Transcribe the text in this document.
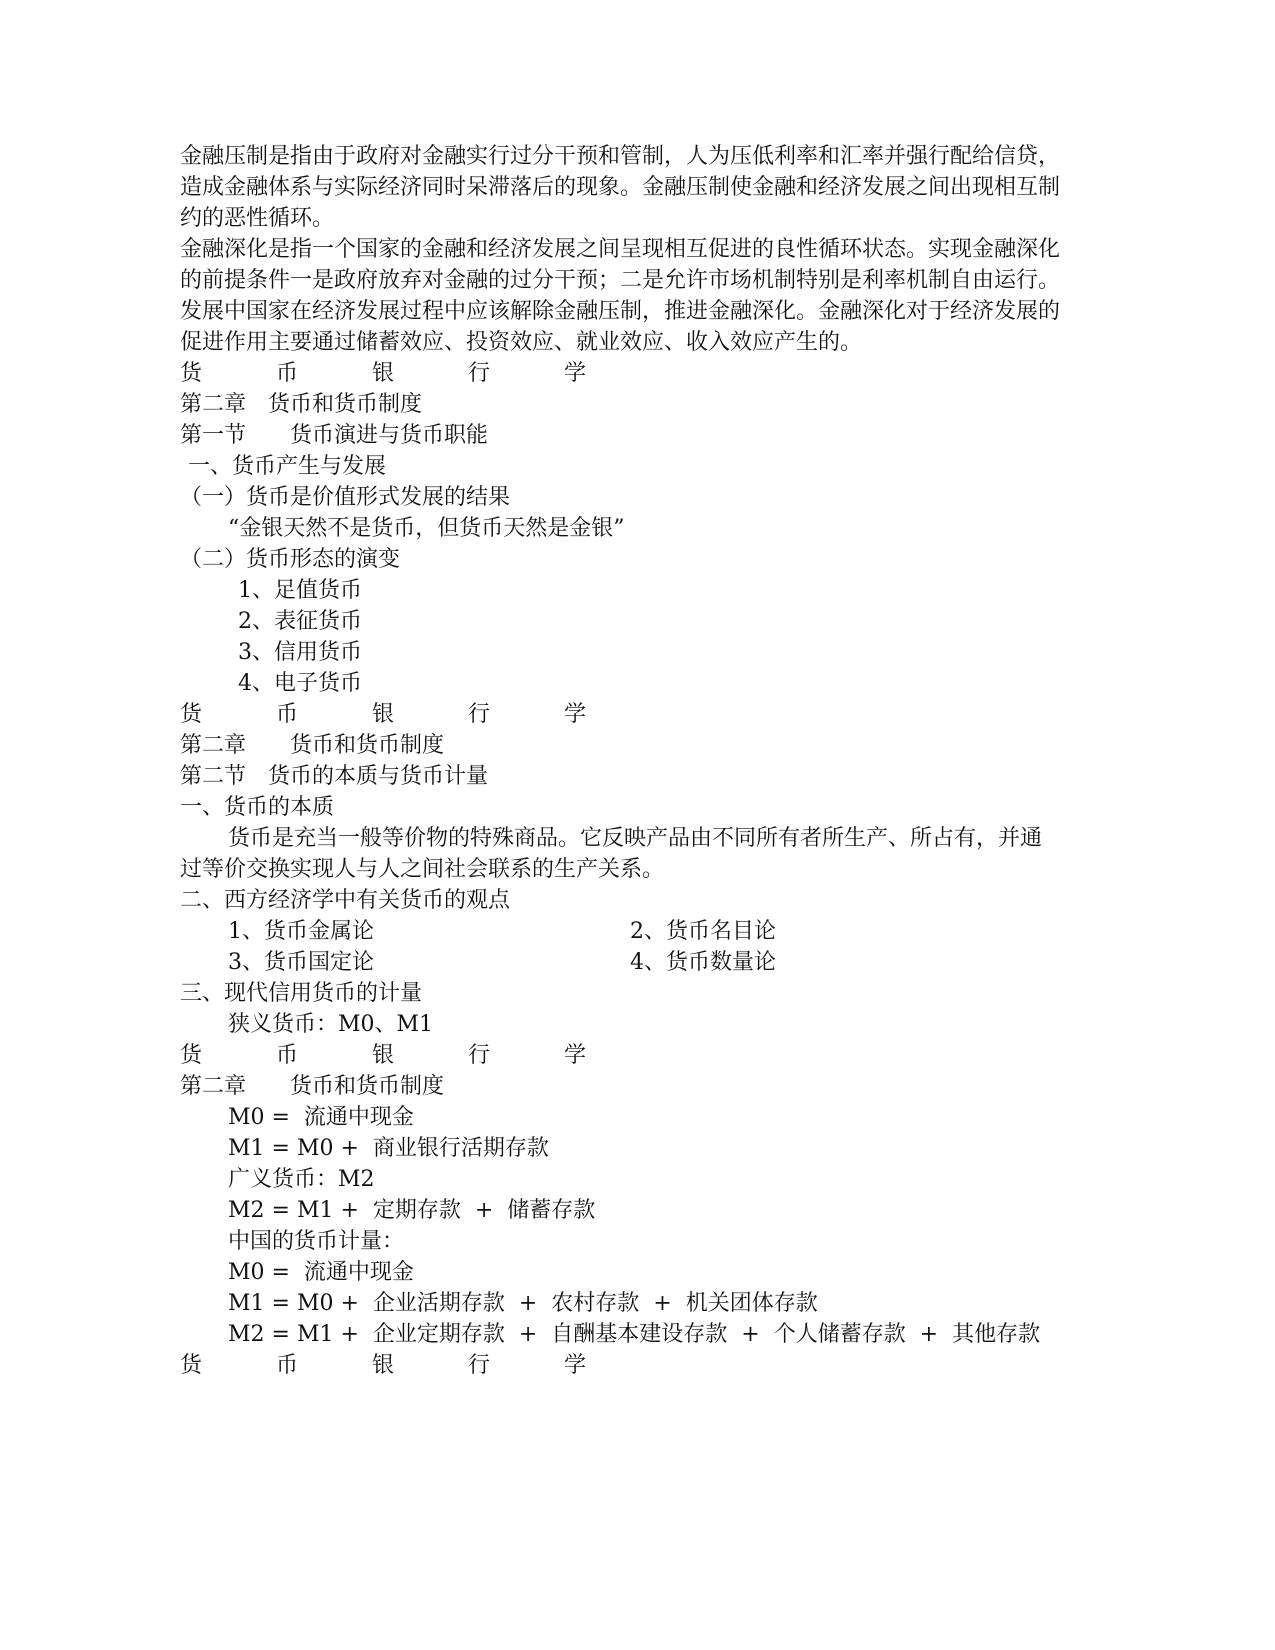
金融压制是指由于政府对金融实行过分干预和管制，人为压低利率和汇率并强行配给信贷，造成金融体系与实际经济同时呆滞落后的现象。金融压制使金融和经济发展之间出现相互制约的恶性循环。
金融深化是指一个国家的金融和经济发展之间呈现相互促进的良性循环状态。实现金融深化的前提条件一是政府放弃对金融的过分干预；二是允许市场机制特别是利率机制自由运行。
发展中国家在经济发展过程中应该解除金融压制，推进金融深化。金融深化对于经济发展的促进作用主要通过储蓄效应、投资效应、就业效应、收入效应产生的。
货	币	银	行	学
第二章　货币和货币制度
第一节　　货币演进与货币职能
一、货币产生与发展
（一）货币是价值形式发展的结果
“金银天然不是货币，但货币天然是金银”
（二）货币形态的演变
1、足值货币
2、表征货币
3、信用货币
4、电子货币
货	币	银	行	学
第二章　　货币和货币制度
第二节　货币的本质与货币计量
一、货币的本质
货币是充当一般等价物的特殊商品。它反映产品由不同所有者所生产、所占有，并通过等价交换实现人与人之间社会联系的生产关系。
二、西方经济学中有关货币的观点
1、货币金属论	2、货币名目论
3、货币国定论	4、货币数量论
三、现代信用货币的计量
狭义货币：M0、M1
货	币	银	行	学
第二章　　货币和货币制度
M0 =  流通中现金
M1 = M0 +  商业银行活期存款
广义货币：M2
M2 = M1 +  定期存款  +  储蓄存款
中国的货币计量：
M0 =  流通中现金
M1 = M0 +  企业活期存款  +  农村存款  +  机关团体存款
M2 = M1 +  企业定期存款  +  自酬基本建设存款  +  个人储蓄存款  +  其他存款
货	币	银	行	学
